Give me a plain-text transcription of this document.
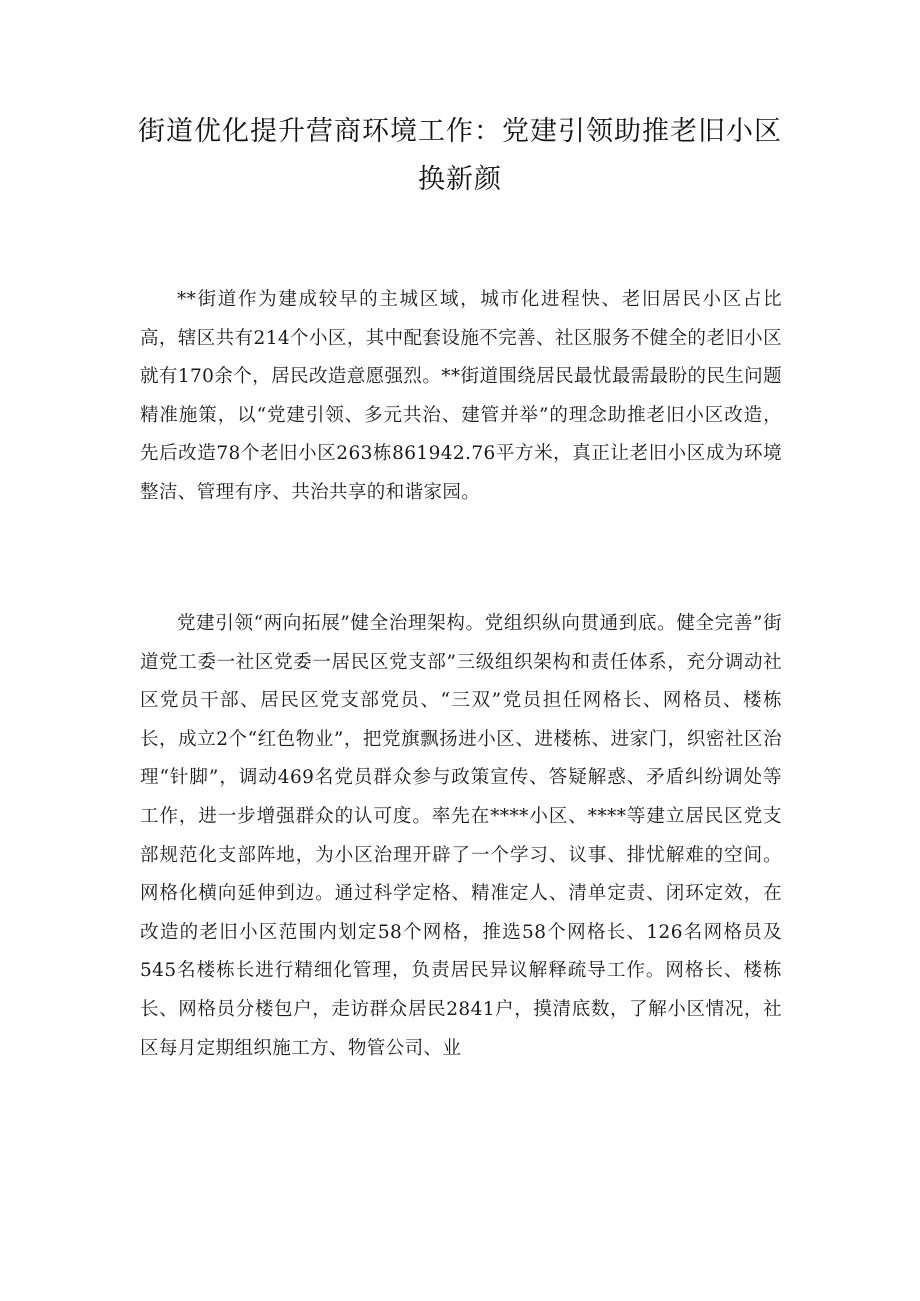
街道优化提升营商环境工作：党建引领助推老旧小区
换新颜

**街道作为建成较早的主城区域，城市化进程快、老旧居民小区占比高，辖区共有214个小区，其中配套设施不完善、社区服务不健全的老旧小区就有170余个，居民改造意愿强烈。**街道围绕居民最忧最需最盼的民生问题精准施策，以“党建引领、多元共治、建管并举”的理念助推老旧小区改造，先后改造78个老旧小区263栋861942.76平方米，真正让老旧小区成为环境整洁、管理有序、共治共享的和谐家园。

党建引领“两向拓展”健全治理架构。党组织纵向贯通到底。健全完善”街道党工委一社区党委一居民区党支部”三级组织架构和责任体系，充分调动社区党员干部、居民区党支部党员、“三双”党员担任网格长、网格员、楼栋长，成立2个“红色物业”，把党旗飘扬进小区、进楼栋、进家门，织密社区治理“针脚”，调动469名党员群众参与政策宣传、答疑解惑、矛盾纠纷调处等工作，进一步增强群众的认可度。率先在****小区、****等建立居民区党支部规范化支部阵地，为小区治理开辟了一个学习、议事、排忧解难的空间。网格化横向延伸到边。通过科学定格、精准定人、清单定责、闭环定效，在改造的老旧小区范围内划定58个网格，推选58个网格长、126名网格员及545名楼栋长进行精细化管理，负责居民异议解释疏导工作。网格长、楼栋长、网格员分楼包户，走访群众居民2841户，摸清底数，了解小区情况，社区每月定期组织施工方、物管公司、业
